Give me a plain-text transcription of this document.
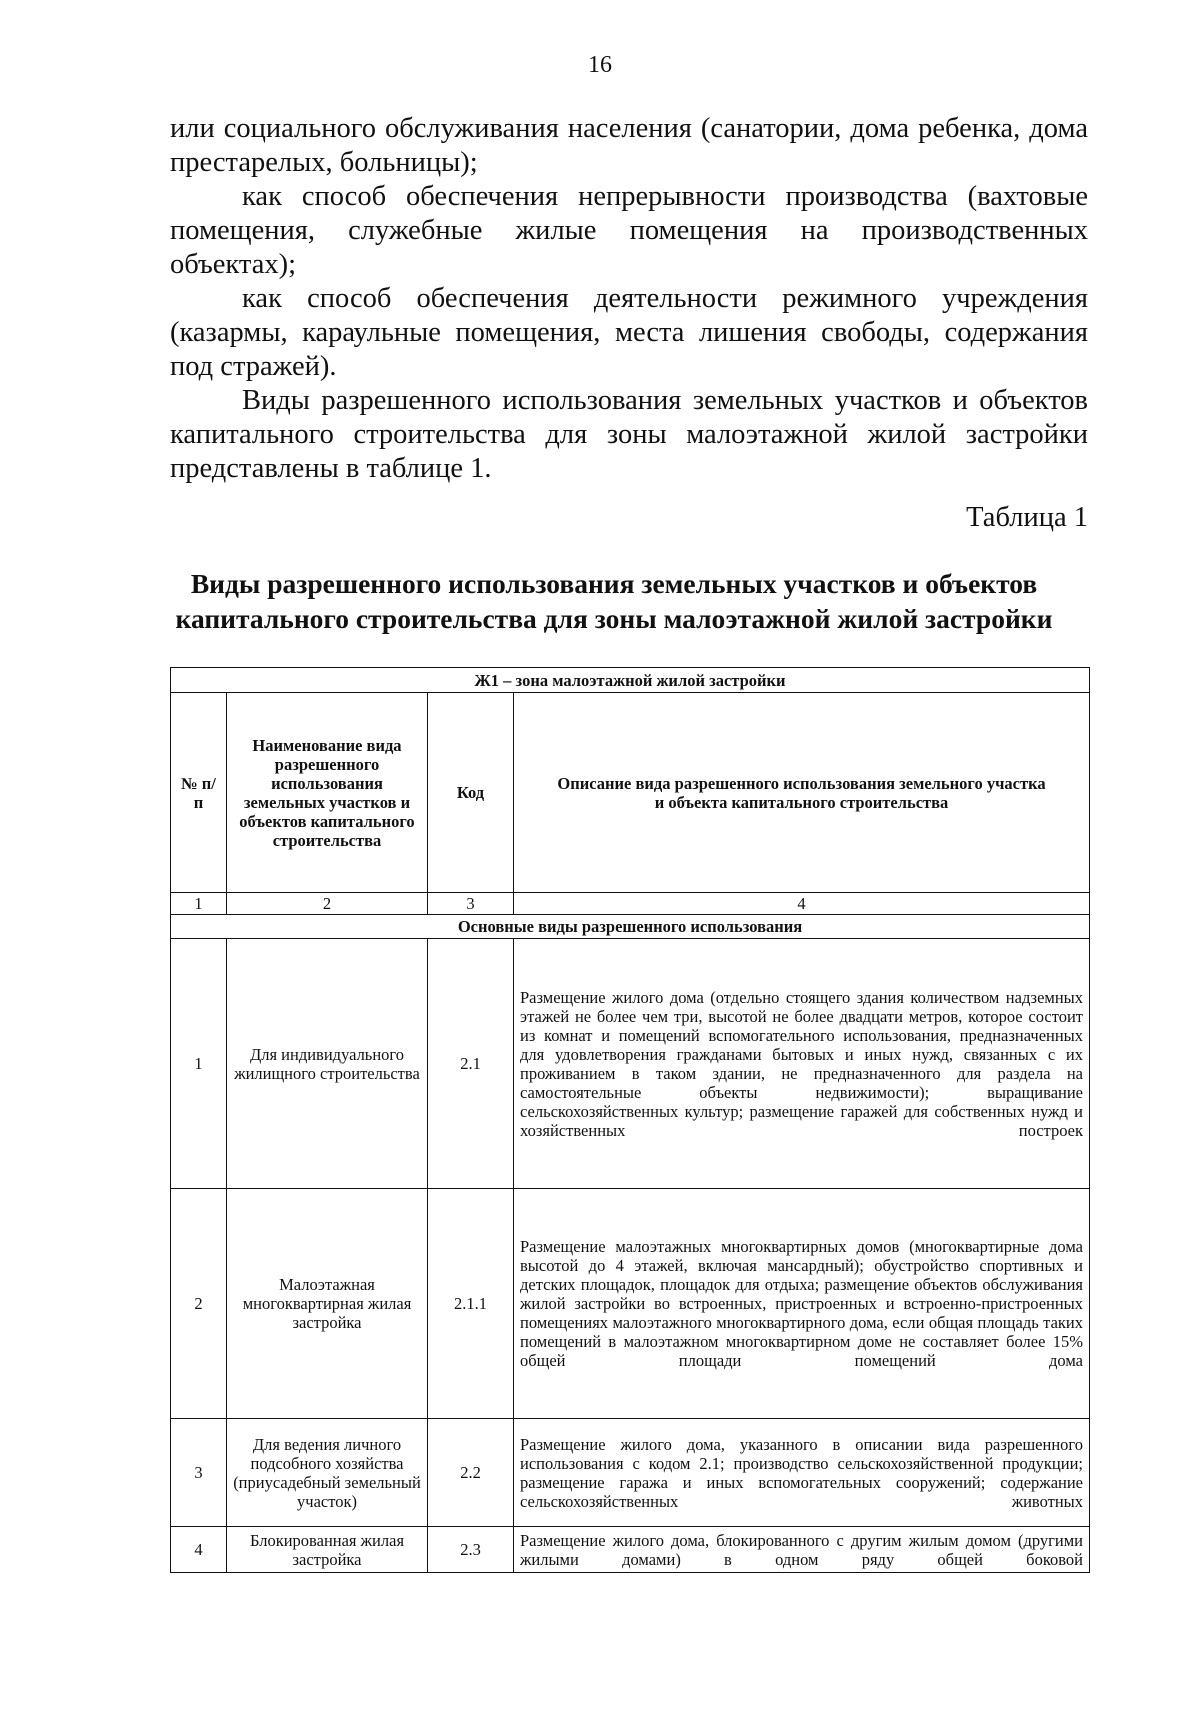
16

или социального обслуживания населения (санатории, дома ребенка, дома престарелых, больницы);

как способ обеспечения непрерывности производства (вахтовые помещения, служебные жилые помещения на производственных объектах);

как способ обеспечения деятельности режимного учреждения (казармы, караульные помещения, места лишения свободы, содержания под стражей).

Виды разрешенного использования земельных участков и объектов капитального строительства для зоны малоэтажной жилой застройки представлены в таблице 1.

Таблица 1
Виды разрешенного использования земельных участков и объектов капитального строительства для зоны малоэтажной жилой застройки
Ж1 – зона малоэтажной жилой застройки			
№ п/п	Наименование вида разрешенного использования земельных участков и объектов капитального строительства	Код	Описание вида разрешенного использования земельного участка и объекта капитального строительства
1	2	3	4
Основные виды разрешенного использования			
1	Для индивидуального жилищного строительства	2.1	Размещение жилого дома (отдельно стоящего здания количеством надземных этажей не более чем три, высотой не более двадцати метров, которое состоит из комнат и помещений вспомогательного использования, предназначенных для удовлетворения гражданами бытовых и иных нужд, связанных с их проживанием в таком здании, не предназначенного для раздела на самостоятельные объекты недвижимости); выращивание сельскохозяйственных культур; размещение гаражей для собственных нужд и хозяйственных построек
2	Малоэтажная многоквартирная жилая застройка	2.1.1	Размещение малоэтажных многоквартирных домов (многоквартирные дома высотой до 4 этажей, включая мансардный); обустройство спортивных и детских площадок, площадок для отдыха; размещение объектов обслуживания жилой застройки во встроенных, пристроенных и встроенно-пристроенных помещениях малоэтажного многоквартирного дома, если общая площадь таких помещений в малоэтажном многоквартирном доме не составляет более 15% общей площади помещений дома
3	Для ведения личного подсобного хозяйства (приусадебный земельный участок)	2.2	Размещение жилого дома, указанного в описании вида разрешенного использования с кодом 2.1; производство сельскохозяйственной продукции; размещение гаража и иных вспомогательных сооружений; содержание сельскохозяйственных животных
4	Блокированная жилая застройка	2.3	Размещение жилого дома, блокированного с другим жилым домом (другими жилыми домами) в одном ряду общей боковой
